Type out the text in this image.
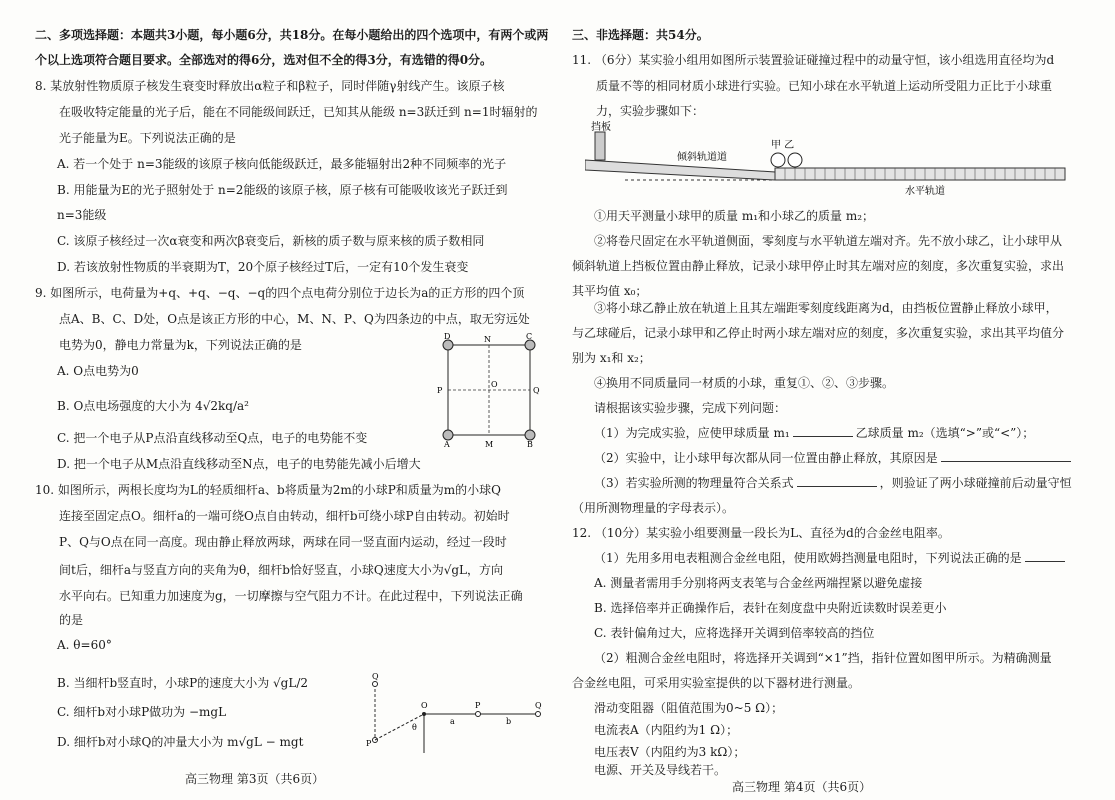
二、多项选择题：本题共3小题，每小题6分，共18分。在每小题给出的四个选项中，有两个或两
个以上选项符合题目要求。全部选对的得6分，选对但不全的得3分，有选错的得0分。
8. 某放射性物质原子核发生衰变时释放出α粒子和β粒子，同时伴随γ射线产生。该原子核
在吸收特定能量的光子后，能在不同能级间跃迁，已知其从能级 n=3跃迁到 n=1时辐射的
光子能量为E。下列说法正确的是
A. 若一个处于 n=3能级的该原子核向低能级跃迁，最多能辐射出2种不同频率的光子
B. 用能量为E的光子照射处于 n=2能级的该原子核，原子核有可能吸收该光子跃迁到
n=3能级
C. 该原子核经过一次α衰变和两次β衰变后，新核的质子数与原来核的质子数相同
D. 若该放射性物质的半衰期为T，20个原子核经过T后，一定有10个发生衰变
9. 如图所示，电荷量为+q、+q、−q、−q的四个点电荷分别位于边长为a的正方形的四个顶
点A、B、C、D处，O点是该正方形的中心，M、N、P、Q为四条边的中点，取无穷远处
电势为0，静电力常量为k，下列说法正确的是
A. O点电势为0
B. O点电场强度的大小为 4√2kq/a²
C. 把一个电子从P点沿直线移动至Q点，电子的电势能不变
D. 把一个电子从M点沿直线移动至N点，电子的电势能先减小后增大
10. 如图所示，两根长度均为L的轻质细杆a、b将质量为2m的小球P和质量为m的小球Q
连接至固定点O。细杆a的一端可绕O点自由转动，细杆b可绕小球P自由转动。初始时
P、Q与O点在同一高度。现由静止释放两球，两球在同一竖直面内运动，经过一段时
间t后，细杆a与竖直方向的夹角为θ，细杆b恰好竖直，小球Q速度大小为√gL，方向
水平向右。已知重力加速度为g，一切摩擦与空气阻力不计。在此过程中，下列说法正确
的是
A. θ=60°
B. 当细杆b竖直时，小球P的速度大小为 √gL/2
C. 细杆b对小球P做功为 −mgL
D. 细杆b对小球Q的冲量大小为 m√gL − mgt
高三物理 第3页（共6页）
D	N	C
P
O
Q
A	M	B
Q
O	P	Q
a	b
P
θ
三、非选择题：共54分。
11. （6分）某实验小组用如图所示装置验证碰撞过程中的动量守恒，该小组选用直径均为d
质量不等的相同材质小球进行实验。已知小球在水平轨道上运动所受阻力正比于小球重
力，实验步骤如下：
①用天平测量小球甲的质量 m₁和小球乙的质量 m₂；
②将卷尺固定在水平轨道侧面，零刻度与水平轨道左端对齐。先不放小球乙，让小球甲从
倾斜轨道上挡板位置由静止释放，记录小球甲停止时其左端对应的刻度，多次重复实验，求出
其平均值 x₀；
③将小球乙静止放在轨道上且其左端距零刻度线距离为d，由挡板位置静止释放小球甲，
与乙球碰后，记录小球甲和乙停止时两小球左端对应的刻度，多次重复实验，求出其平均值分
别为 x₁和 x₂；
④换用不同质量同一材质的小球，重复①、②、③步骤。
请根据该实验步骤，完成下列问题：
（1）为完成实验，应使甲球质量 m₁	乙球质量 m₂（选填“>”或“<”）；
（2）实验中，让小球甲每次都从同一位置由静止释放，其原因是
（3）若实验所测的物理量符合关系式	，则验证了两小球碰撞前后动量守恒
（用所测物理量的字母表示）。
12. （10分）某实验小组要测量一段长为L、直径为d的合金丝电阻率。
（1）先用多用电表粗测合金丝电阻，使用欧姆挡测量电阻时，下列说法正确的是
A. 测量者需用手分别将两支表笔与合金丝两端捏紧以避免虚接
B. 选择倍率并正确操作后，表针在刻度盘中央附近读数时误差更小
C. 表针偏角过大，应将选择开关调到倍率较高的挡位
（2）粗测合金丝电阻时，将选择开关调到“×1”挡，指针位置如图甲所示。为精确测量
合金丝电阻，可采用实验室提供的以下器材进行测量。
滑动变阻器（阻值范围为0~5 Ω）；
电流表A（内阻约为1 Ω）；
电压表V（内阻约为3 kΩ）；
电源、开关及导线若干。
高三物理 第4页（共6页）
挡板
倾斜轨道道
甲 乙
水平轨道
